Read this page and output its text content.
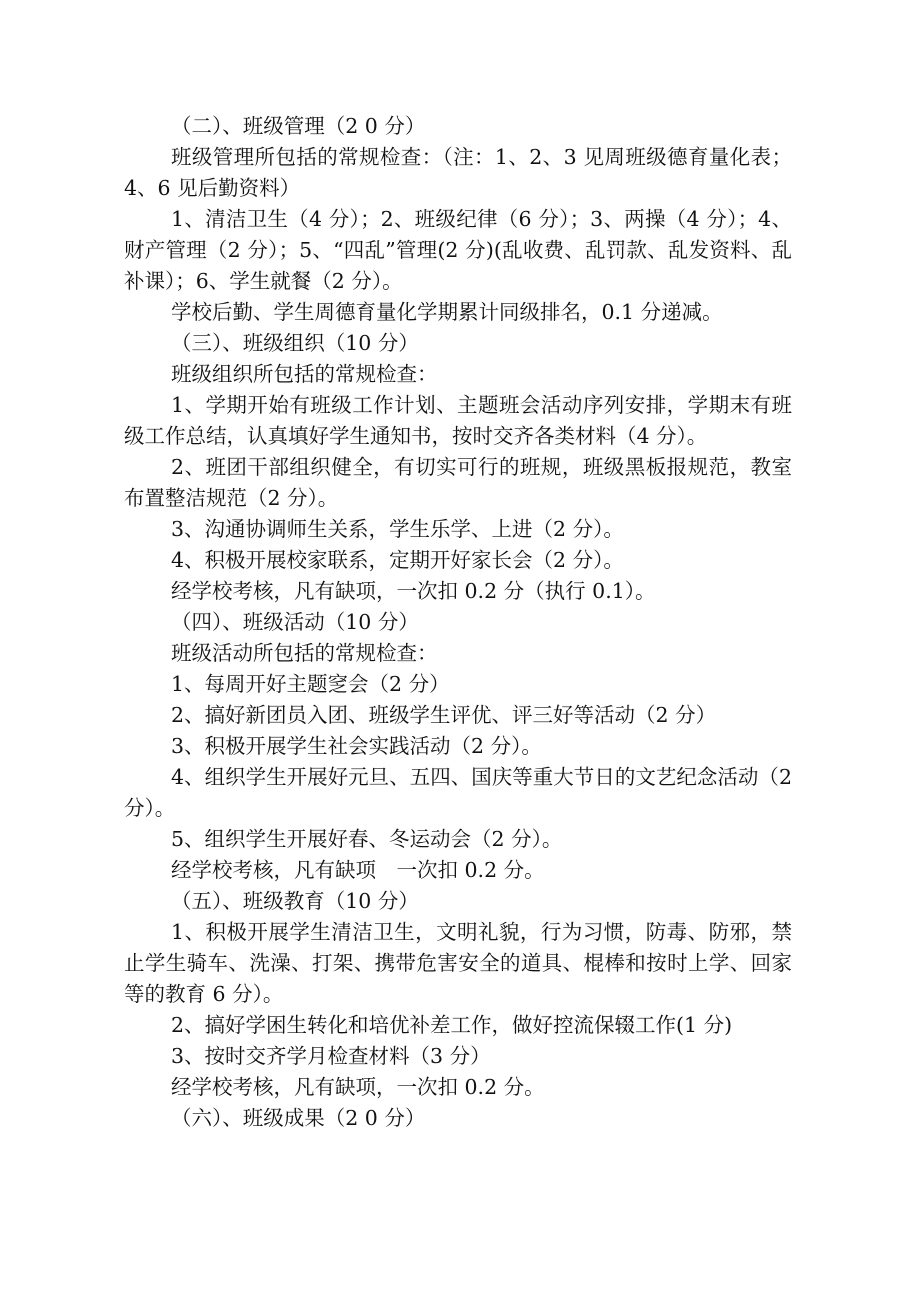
（二）、班级管理（2 0 分）

班级管理所包括的常规检查：（注：1、2、3 见周班级德育量化表；4、6 见后勤资料）

1、清洁卫生（4 分）；2、班级纪律（6 分）；3、两操（4 分）；4、财产管理（2 分）；5、“四乱”管理(2 分)(乱收费、乱罚款、乱发资料、乱补课）；6、学生就餐（2 分）。

学校后勤、学生周德育量化学期累计同级排名，0.1 分递减。

（三）、班级组织（10 分）

班级组织所包括的常规检查：

1、学期开始有班级工作计划、主题班会活动序列安排，学期末有班级工作总结，认真填好学生通知书，按时交齐各类材料（4 分）。

2、班团干部组织健全，有切实可行的班规，班级黑板报规范，教室布置整洁规范（2 分）。

3、沟通协调师生关系，学生乐学、上进（2 分）。

4、积极开展校家联系，定期开好家长会（2 分）。

经学校考核，凡有缺项，一次扣 0.2 分（执行 0.1）。

（四）、班级活动（10 分）

班级活动所包括的常规检查：

1、每周开好主题窆会（2 分）

2、搞好新团员入团、班级学生评优、评三好等活动（2 分）

3、积极开展学生社会实践活动（2 分）。

4、组织学生开展好元旦、五四、国庆等重大节日的文艺纪念活动（2 分）。

5、组织学生开展好春、冬运动会（2 分）。

经学校考核，凡有缺项　一次扣 0.2 分。

（五）、班级教育（10 分）

1、积极开展学生清洁卫生，文明礼貌，行为习惯，防毒、防邪，禁止学生骑车、洗澡、打架、携带危害安全的道具、棍棒和按时上学、回家等的教育 6 分）。

2、搞好学困生转化和培优补差工作，做好控流保辍工作(1 分)

3、按时交齐学月检查材料（3 分）

经学校考核，凡有缺项，一次扣 0.2 分。

（六）、班级成果（2 0 分）
